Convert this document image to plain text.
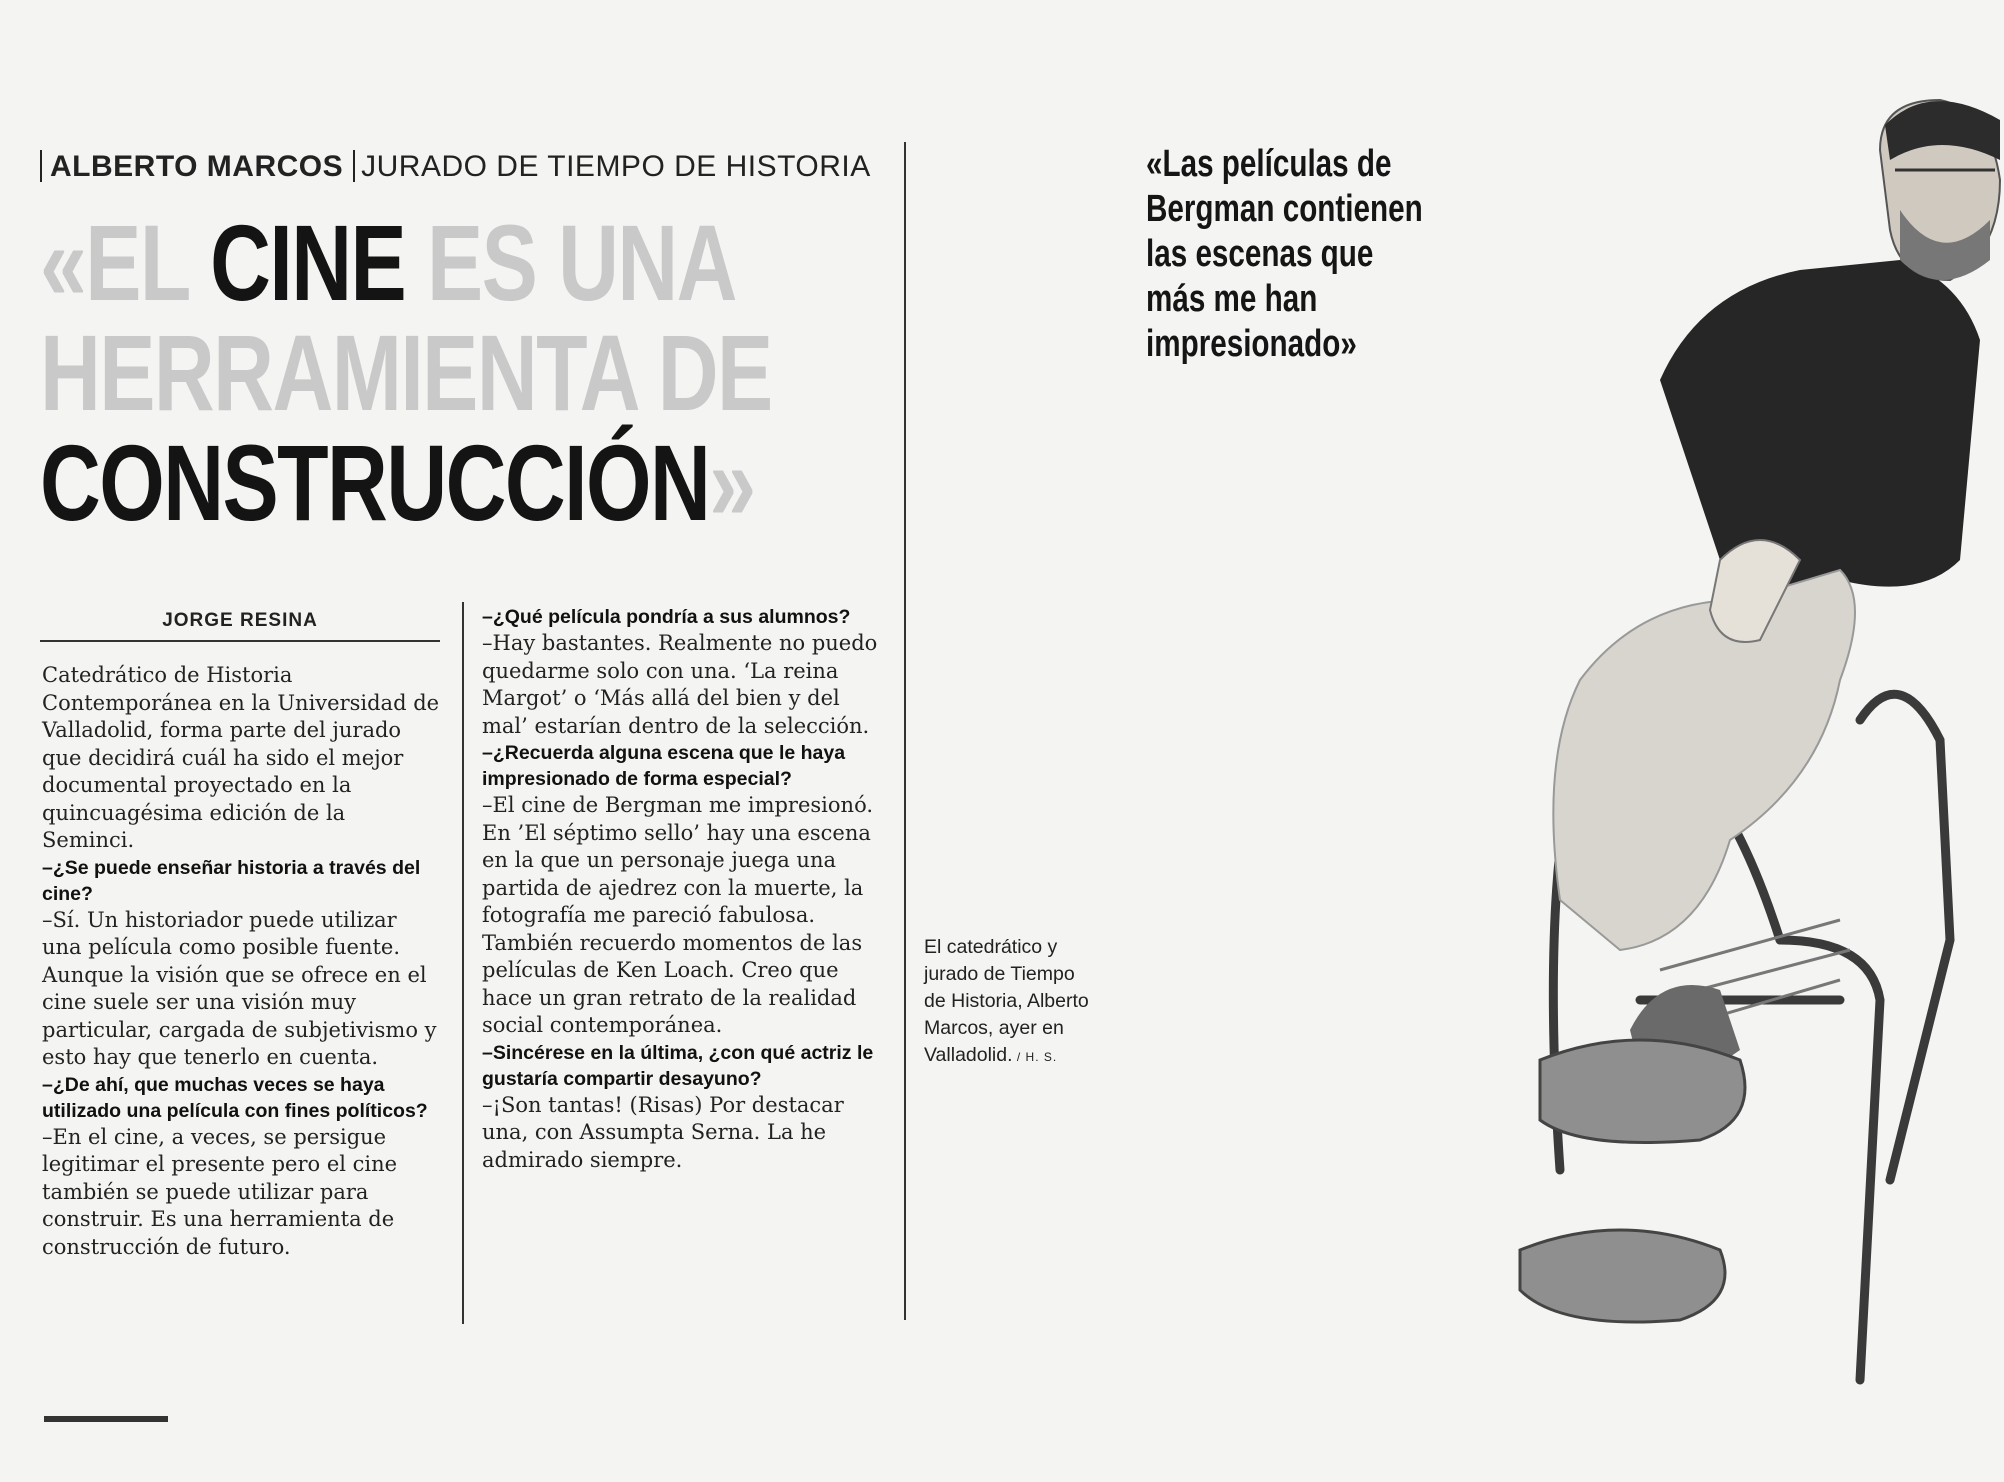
ALBERTO MARCOS JURADO DE TIEMPO DE HISTORIA
«EL CINE ES UNA
HERRAMIENTA DE
CONSTRUCCIÓN»
JORGE RESINA

Catedrático de Historia Contemporánea en la Universidad de Valladolid, forma parte del jurado que decidirá cuál ha sido el mejor documental proyectado en la quincuagésima edición de la Seminci.

–¿Se puede enseñar historia a través del cine?

–Sí. Un historiador puede utilizar una película como posible fuente. Aunque la visión que se ofrece en el cine suele ser una visión muy particular, cargada de subjetivismo y esto hay que tenerlo en cuenta.

–¿De ahí, que muchas veces se haya utilizado una película con fines políticos?

–En el cine, a veces, se persigue legitimar el presente pero el cine también se puede utilizar para construir. Es una herramienta de construcción de futuro.

–¿Qué película pondría a sus alumnos?

–Hay bastantes. Realmente no puedo quedarme solo con una. ‘La reina Margot’ o ‘Más allá del bien y del mal’ estarían dentro de la selección.

–¿Recuerda alguna escena que le haya impresionado de forma especial?

–El cine de Bergman me impresionó. En ’El séptimo sello’ hay una escena en la que un personaje juega una partida de ajedrez con la muerte, la fotografía me pareció fabulosa. También recuerdo momentos de las películas de Ken Loach. Creo que hace un gran retrato de la realidad social contemporánea.

–Sincérese en la última, ¿con qué actriz le gustaría compartir desayuno?

–¡Son tantas! (Risas) Por destacar una, con Assumpta Serna. La he admirado siempre.

«Las películas de
Bergman contienen
las escenas que
más me han
impresionado»
El catedrático y jurado de Tiempo de Historia, Alberto Marcos, ayer en Valladolid. / H. S.
